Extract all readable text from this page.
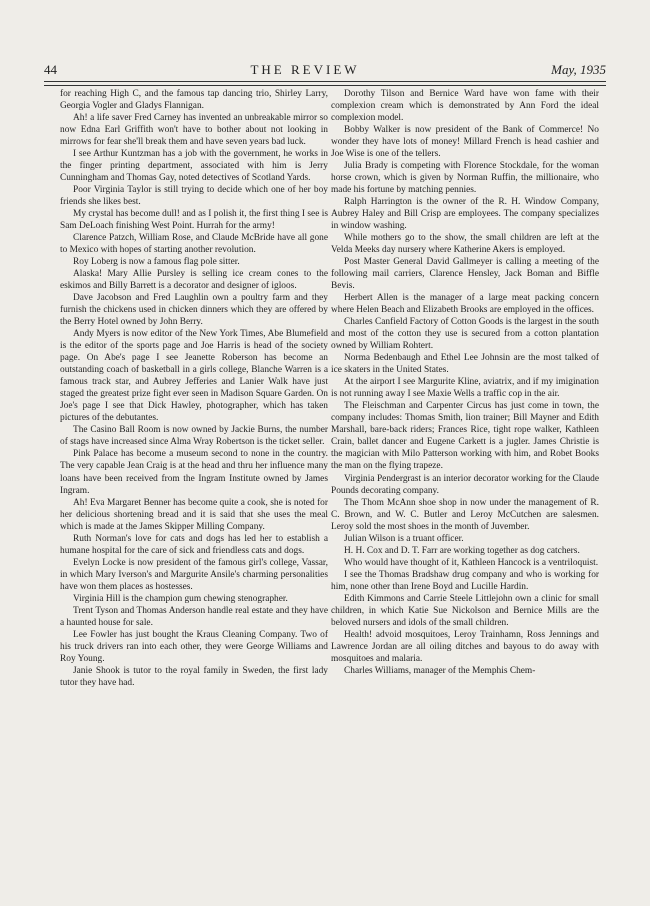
44	THE REVIEW	May, 1935

for reaching High C, and the famous tap dancing trio, Shirley Larry, Georgia Vogler and Gladys Flannigan.

Ah! a life saver Fred Carney has invented an unbreakable mirror so now Edna Earl Griffith won't have to bother about not looking in mirrows for fear she'll break them and have seven years bad luck.

I see Arthur Kuntzman has a job with the government, he works in the finger printing department, associated with him is Jerry Cunningham and Thomas Gay, noted detectives of Scotland Yards.

Poor Virginia Taylor is still trying to decide which one of her boy friends she likes best.

My crystal has become dull! and as I polish it, the first thing I see is Sam DeLoach finishing West Point. Hurrah for the army!

Clarence Patzch, William Rose, and Claude McBride have all gone to Mexico with hopes of starting another revolution.

Roy Loberg is now a famous flag pole sitter.

Alaska! Mary Allie Pursley is selling ice cream cones to the eskimos and Billy Barrett is a decorator and designer of igloos.

Dave Jacobson and Fred Laughlin own a poultry farm and they furnish the chickens used in chicken dinners which they are offered by the Berry Hotel owned by John Berry.

Andy Myers is now editor of the New York Times, Abe Blumefield is the editor of the sports page and Joe Harris is head of the society page. On Abe's page I see Jeanette Roberson has become an outstanding coach of basketball in a girls college, Blanche Warren is a famous track star, and Aubrey Jefferies and Lanier Walk have just staged the greatest prize fight ever seen in Madison Square Garden. On Joe's page I see that Dick Hawley, photographer, which has taken pictures of the debutantes.

The Casino Ball Room is now owned by Jackie Burns, the number of stags have increased since Alma Wray Robertson is the ticket seller.

Pink Palace has become a museum second to none in the country. The very capable Jean Craig is at the head and thru her influence many loans have been received from the Ingram Institute owned by James Ingram.

Ah! Eva Margaret Benner has become quite a cook, she is noted for her delicious shortening bread and it is said that she uses the meal which is made at the James Skipper Milling Company.

Ruth Norman's love for cats and dogs has led her to establish a humane hospital for the care of sick and friendless cats and dogs.

Evelyn Locke is now president of the famous girl's college, Vassar, in which Mary Iverson's and Margurite Ansile's charming personalities have won them places as hostesses.

Virginia Hill is the champion gum chewing stenographer.

Trent Tyson and Thomas Anderson handle real estate and they have a haunted house for sale.

Lee Fowler has just bought the Kraus Cleaning Company. Two of his truck drivers ran into each other, they were George Williams and Roy Young.

Janie Shook is tutor to the royal family in Sweden, the first lady tutor they have had.

Dorothy Tilson and Bernice Ward have won fame with their complexion cream which is demonstrated by Ann Ford the ideal complexion model.

Bobby Walker is now president of the Bank of Commerce! No wonder they have lots of money! Millard French is head cashier and Joe Wise is one of the tellers.

Julia Brady is competing with Florence Stockdale, for the woman horse crown, which is given by Norman Ruffin, the millionaire, who made his fortune by matching pennies.

Ralph Harrington is the owner of the R. H. Window Company, Aubrey Haley and Bill Crisp are employees. The company specializes in window washing.

While mothers go to the show, the small children are left at the Velda Meeks day nursery where Katherine Akers is employed.

Post Master General David Gallmeyer is calling a meeting of the following mail carriers, Clarence Hensley, Jack Boman and Biffle Bevis.

Herbert Allen is the manager of a large meat packing concern where Helen Beach and Elizabeth Brooks are employed in the offices.

Charles Canfield Factory of Cotton Goods is the largest in the south and most of the cotton they use is secured from a cotton plantation owned by William Rohtert.

Norma Bedenbaugh and Ethel Lee Johnsin are the most talked of ice skaters in the United States.

At the airport I see Margurite Kline, aviatrix, and if my imigination is not running away I see Maxie Wells a traffic cop in the air.

The Fleischman and Carpenter Circus has just come in town, the company includes: Thomas Smith, lion trainer; Bill Mayner and Edith Marshall, bare-back riders; Frances Rice, tight rope walker, Kathleen Crain, ballet dancer and Eugene Carkett is a jugler. James Christie is the magician with Milo Patterson working with him, and Robet Books the man on the flying trapeze.

Virginia Pendergrast is an interior decorator working for the Claude Pounds decorating company.

The Thom McAnn shoe shop in now under the management of R. C. Brown, and W. C. Butler and Leroy McCutchen are salesmen. Leroy sold the most shoes in the month of Juvember.

Julian Wilson is a truant officer.

H. H. Cox and D. T. Farr are working together as dog catchers.

Who would have thought of it, Kathleen Hancock is a ventriloquist.

I see the Thomas Bradshaw drug company and who is working for him, none other than Irene Boyd and Lucille Hardin.

Edith Kimmons and Carrie Steele Littlejohn own a clinic for small children, in which Katie Sue Nickolson and Bernice Mills are the beloved nursers and idols of the small children.

Health! advoid mosquitoes, Leroy Trainhamn, Ross Jennings and Lawrence Jordan are all oiling ditches and bayous to do away with mosquitoes and malaria.

Charles Williams, manager of the Memphis Chem-
